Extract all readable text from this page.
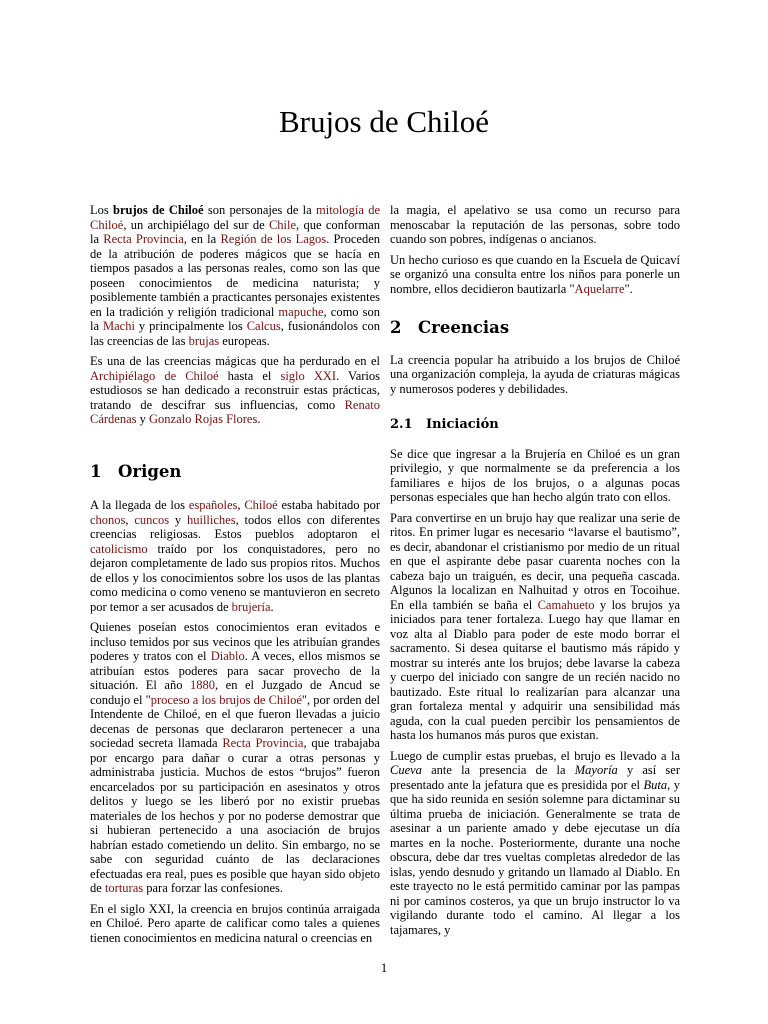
Brujos de Chiloé

Los brujos de Chiloé son personajes de la mitología de Chiloé, un archipiélago del sur de Chile, que conforman la Recta Provincia, en la Región de los Lagos. Proceden de la atribución de poderes mágicos que se hacía en tiempos pasados a las personas reales, como son las que poseen conocimientos de medicina naturista; y posiblemente también a practicantes personajes existentes en la tradición y religión tradicional mapuche, como son la Machi y principalmente los Calcus, fusionándolos con las creencias de las brujas europeas.

Es una de las creencias mágicas que ha perdurado en el Archipiélago de Chiloé hasta el siglo XXI. Varios estudiosos se han dedicado a reconstruir estas prácticas, tratando de descifrar sus influencias, como Renato Cárdenas y Gonzalo Rojas Flores.

1 Origen

A la llegada de los españoles, Chiloé estaba habitado por chonos, cuncos y huilliches, todos ellos con diferentes creencias religiosas. Estos pueblos adoptaron el catolicismo traído por los conquistadores, pero no dejaron completamente de lado sus propios ritos. Muchos de ellos y los conocimientos sobre los usos de las plantas como medicina o como veneno se mantuvieron en secreto por temor a ser acusados de brujería.

Quienes poseían estos conocimientos eran evitados e incluso temidos por sus vecinos que les atribuían grandes poderes y tratos con el Diablo. A veces, ellos mismos se atribuían estos poderes para sacar provecho de la situación. El año 1880, en el Juzgado de Ancud se condujo el "proceso a los brujos de Chiloé", por orden del Intendente de Chiloé, en el que fueron llevadas a juicio decenas de personas que declararon pertenecer a una sociedad secreta llamada Recta Provincia, que trabajaba por encargo para dañar o curar a otras personas y administraba justicia. Muchos de estos “brujos” fueron encarcelados por su participación en asesinatos y otros delitos y luego se les liberó por no existir pruebas materiales de los hechos y por no poderse demostrar que si hubieran pertenecido a una asociación de brujos habrían estado cometiendo un delito. Sin embargo, no se sabe con seguridad cuánto de las declaraciones efectuadas era real, pues es posible que hayan sido objeto de torturas para forzar las confesiones.

En el siglo XXI, la creencia en brujos continúa arraigada en Chiloé. Pero aparte de calificar como tales a quienes tienen conocimientos en medicina natural o creencias en

la magia, el apelativo se usa como un recurso para menoscabar la reputación de las personas, sobre todo cuando son pobres, indígenas o ancianos.

Un hecho curioso es que cuando en la Escuela de Quicaví se organizó una consulta entre los niños para ponerle un nombre, ellos decidieron bautizarla "Aquelarre".

2 Creencias

La creencia popular ha atribuido a los brujos de Chiloé una organización compleja, la ayuda de criaturas mágicas y numerosos poderes y debilidades.

2.1 Iniciación

Se dice que ingresar a la Brujería en Chiloé es un gran privilegio, y que normalmente se da preferencia a los familiares e hijos de los brujos, o a algunas pocas personas especiales que han hecho algún trato con ellos.

Para convertirse en un brujo hay que realizar una serie de ritos. En primer lugar es necesario “lavarse el bautismo”, es decir, abandonar el cristianismo por medio de un ritual en que el aspirante debe pasar cuarenta noches con la cabeza bajo un traiguén, es decir, una pequeña cascada. Algunos la localizan en Nalhuitad y otros en Tocoihue. En ella también se baña el Camahueto y los brujos ya iniciados para tener fortaleza. Luego hay que llamar en voz alta al Diablo para poder de este modo borrar el sacramento. Si desea quitarse el bautismo más rápido y mostrar su interés ante los brujos; debe lavarse la cabeza y cuerpo del iniciado con sangre de un recién nacido no bautizado. Este ritual lo realizarían para alcanzar una gran fortaleza mental y adquirir una sensibilidad más aguda, con la cual pueden percibir los pensamientos de hasta los humanos más puros que existan.

Luego de cumplir estas pruebas, el brujo es llevado a la Cueva ante la presencia de la Mayoría y así ser presentado ante la jefatura que es presidida por el Buta, y que ha sido reunida en sesión solemne para dictaminar su última prueba de iniciación. Generalmente se trata de asesinar a un pariente amado y debe ejecutase un día martes en la noche. Posteriormente, durante una noche obscura, debe dar tres vueltas completas alrededor de las islas, yendo desnudo y gritando un llamado al Diablo. En este trayecto no le está permitido caminar por las pampas ni por caminos costeros, ya que un brujo instructor lo va vigilando durante todo el camino. Al llegar a los tajamares, y

1
